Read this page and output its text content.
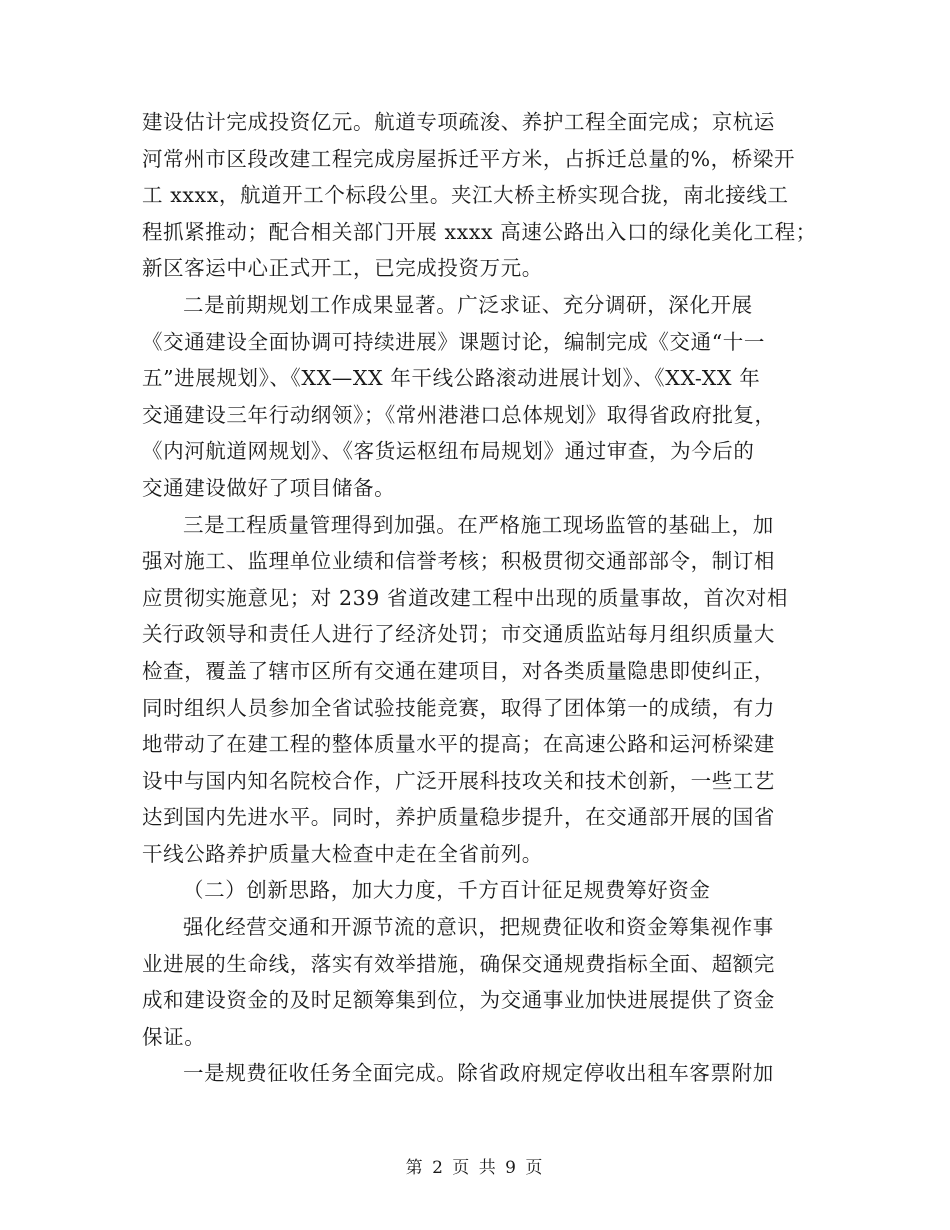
建设估计完成投资亿元。航道专项疏浚、养护工程全面完成；京杭运
河常州市区段改建工程完成房屋拆迁平方米，占拆迁总量的%，桥梁开
工 xxxx，航道开工个标段公里。夹江大桥主桥实现合拢，南北接线工
程抓紧推动；配合相关部门开展 xxxx 高速公路出入口的绿化美化工程；
新区客运中心正式开工，已完成投资万元。
二是前期规划工作成果显著。广泛求证、充分调研，深化开展
《交通建设全面协调可持续进展》课题讨论，编制完成《交通“十一
五”进展规划》、《XX—XX 年干线公路滚动进展计划》、《XX-XX 年
交通建设三年行动纲领》；《常州港港口总体规划》取得省政府批复，
《内河航道网规划》、《客货运枢纽布局规划》通过审查，为今后的
交通建设做好了项目储备。
三是工程质量管理得到加强。在严格施工现场监管的基础上，加
强对施工、监理单位业绩和信誉考核；积极贯彻交通部部令，制订相
应贯彻实施意见；对 239 省道改建工程中出现的质量事故，首次对相
关行政领导和责任人进行了经济处罚；市交通质监站每月组织质量大
检查，覆盖了辖市区所有交通在建项目，对各类质量隐患即使纠正，
同时组织人员参加全省试验技能竞赛，取得了团体第一的成绩，有力
地带动了在建工程的整体质量水平的提高；在高速公路和运河桥梁建
设中与国内知名院校合作，广泛开展科技攻关和技术创新，一些工艺
达到国内先进水平。同时，养护质量稳步提升，在交通部开展的国省
干线公路养护质量大检查中走在全省前列。
（二）创新思路，加大力度，千方百计征足规费筹好资金
强化经营交通和开源节流的意识，把规费征收和资金筹集视作事
业进展的生命线，落实有效举措施，确保交通规费指标全面、超额完
成和建设资金的及时足额筹集到位，为交通事业加快进展提供了资金
保证。
一是规费征收任务全面完成。除省政府规定停收出租车客票附加
第 2 页 共 9 页
